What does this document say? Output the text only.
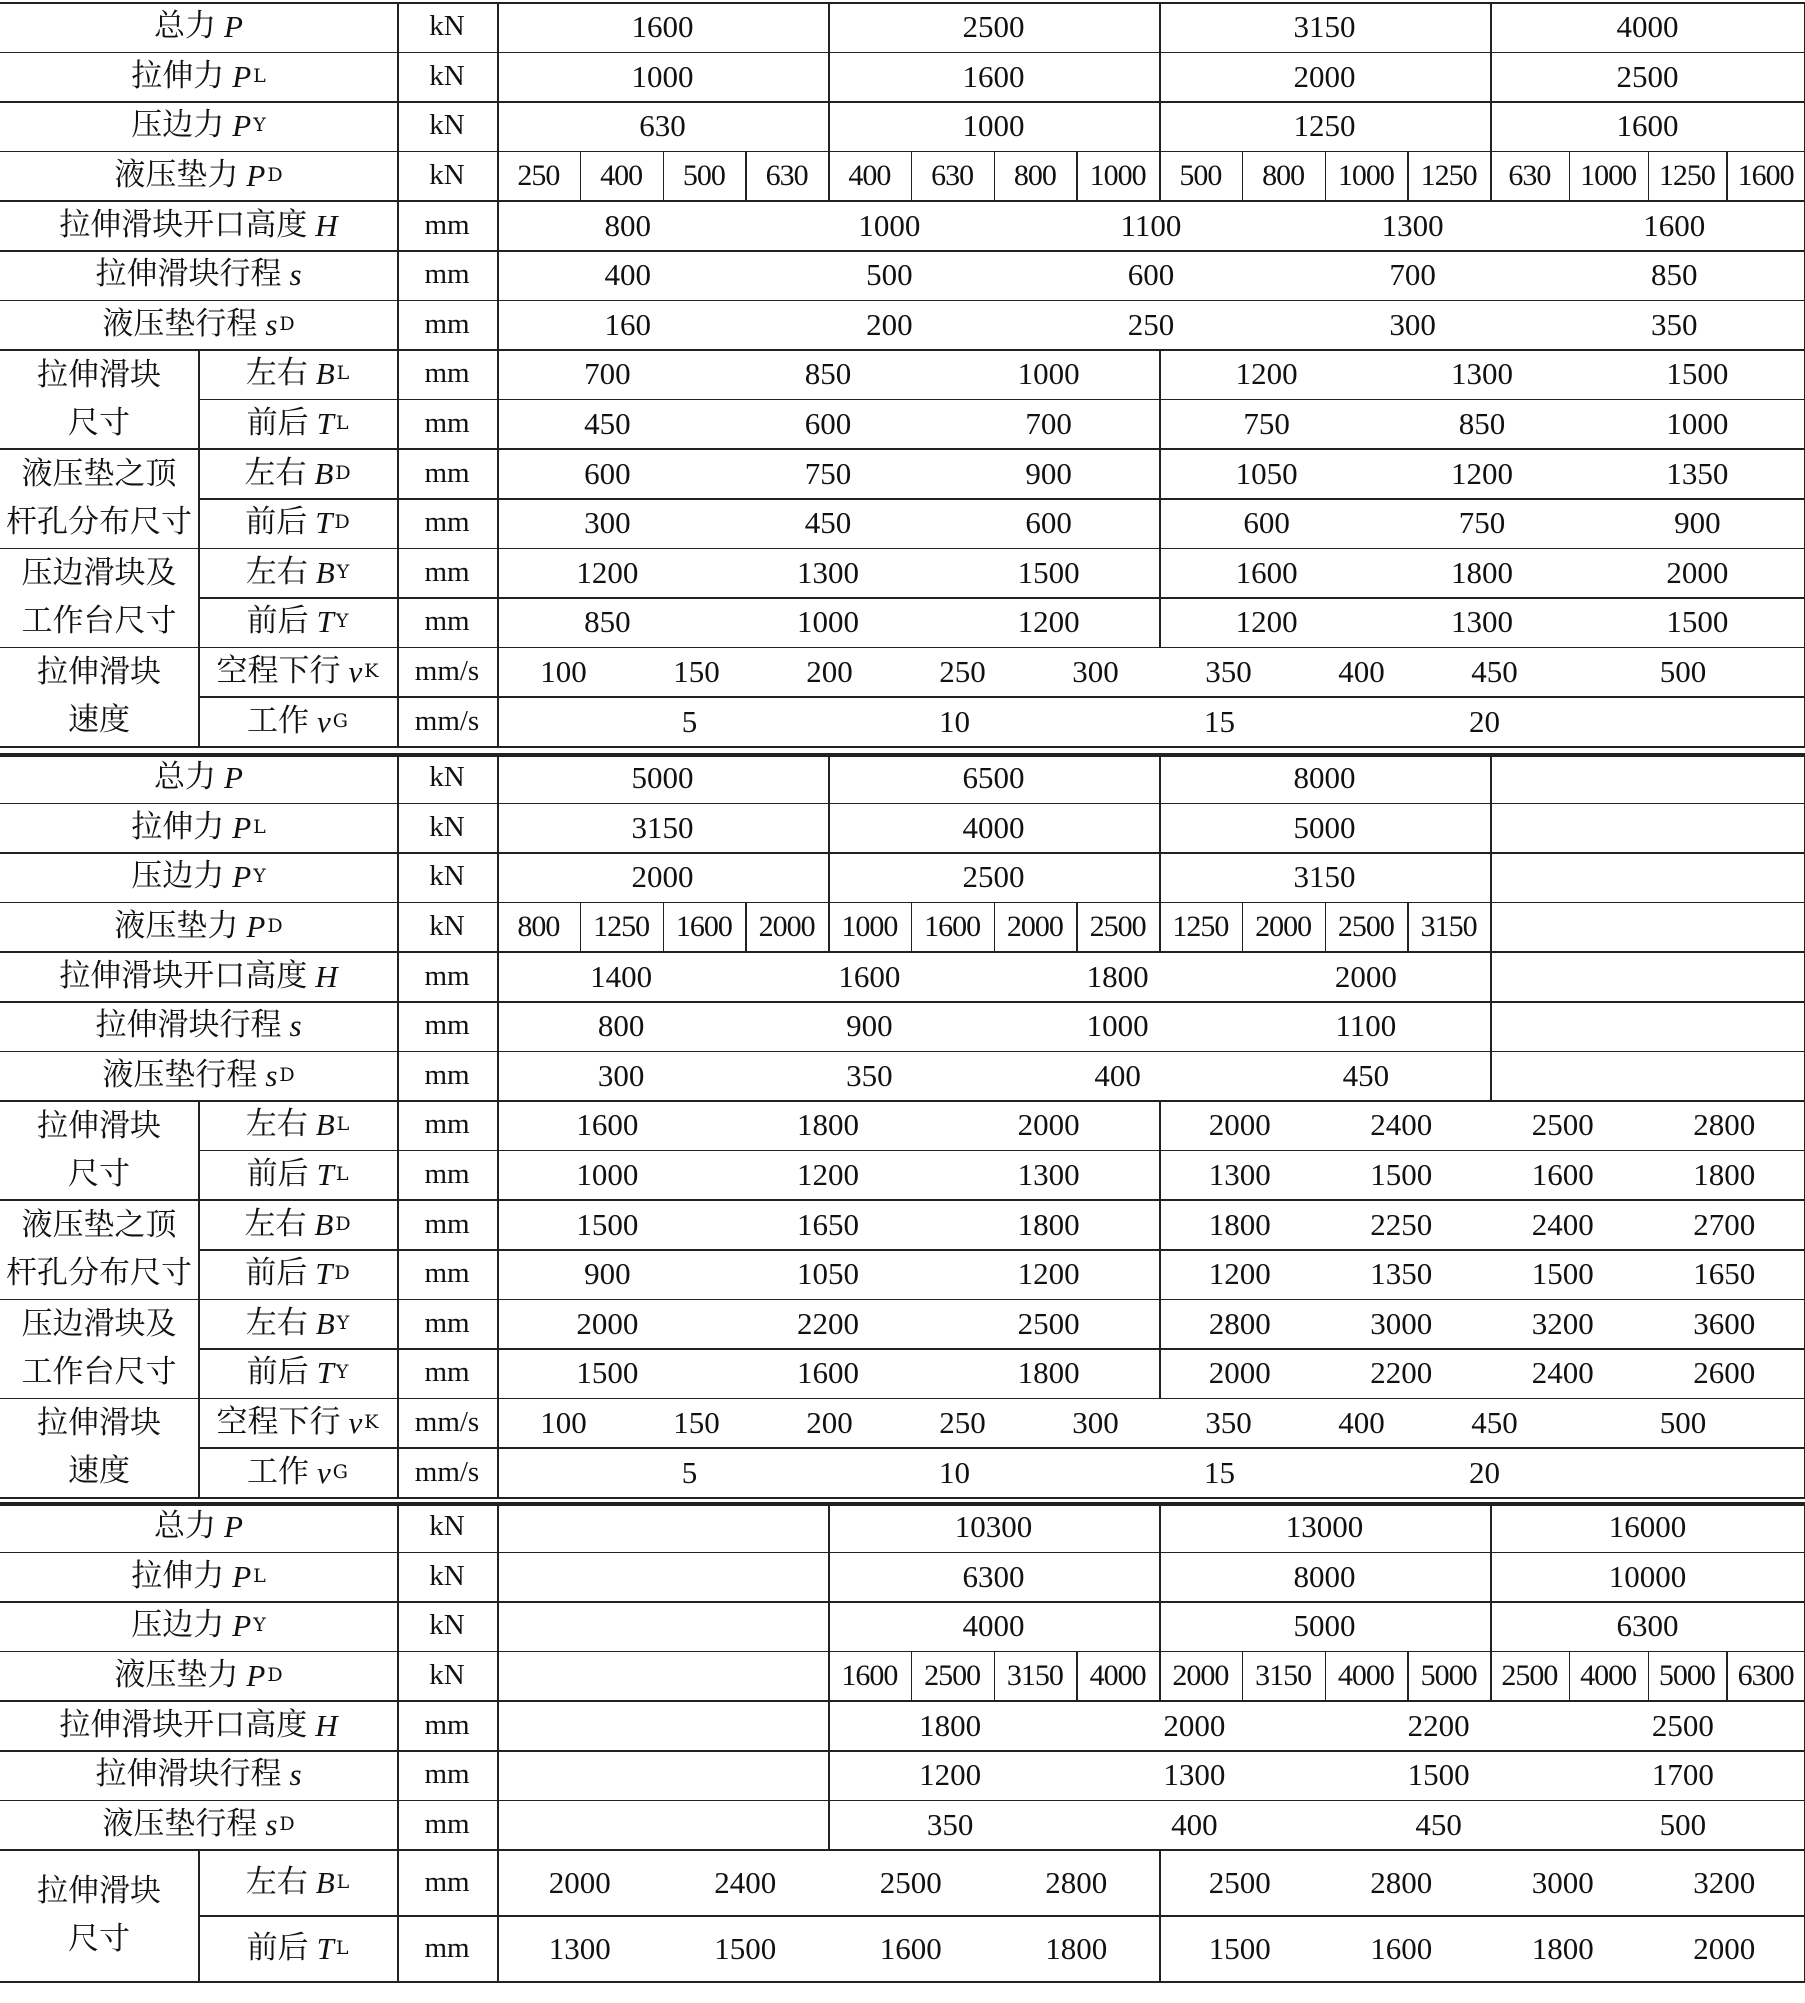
总力 P	kN	1600	2500	3150	4000
拉伸力 P L	kN	1000	1600	2000	2500
压边力 P Y	kN	630	1000	1250	1600
液压垫力 P D	kN	250	400	500	630	400	630	800	1000	500	800	1000 1250	630 1000 1250 1600
拉伸滑块开口高度 H	mm	800	1000	1100	1300	1600
拉伸滑块行程 s	mm	400	500	600	700	850
液压垫行程 s D	mm	160	200	250	300	350
拉伸滑块
尺寸
左右 B L	mm	700	850	1000	1200	1300	1500
前后 T L	mm	450	600	700	750	850	1000
液压垫之顶
杆孔分布尺寸
左右 B D	mm	600	750	900	1050	1200	1350
前后 T D	mm	300	450	600	600	750	900
压边滑块及
工作台尺寸
左右 B Y	mm	1200	1300	1500	1600	1800	2000
前后 T Y	mm	850	1000	1200	1200	1300	1500
拉伸滑块
速度
空程下行 v K	mm/s	100	150	200	250	300	350	400	450	500
工作 v G	mm/s	5	10	15	20
总力 P	kN	5000	6500	8000
拉伸力 P L	kN	3150	4000	5000
压边力 P Y	kN	2000	2500	3150
液压垫力 P D	kN	800	1250 1600 2000 1000 1600 2000 2500 1250 2000 2500 3150
拉伸滑块开口高度 H	mm	1400	1600	1800	2000
拉伸滑块行程 s	mm	800	900	1000	1100
液压垫行程 s D	mm	300	350	400	450
拉伸滑块
尺寸
左右 B L	mm	1600	1800	2000	2000	2400	2500	2800
前后 T L	mm	1000	1200	1300	1300	1500	1600	1800
液压垫之顶
杆孔分布尺寸
左右 B D	mm	1500	1650	1800	1800	2250	2400	2700
前后 T D	mm	900	1050	1200	1200	1350	1500	1650
压边滑块及
工作台尺寸
左右 B Y	mm	2000	2200	2500	2800	3000	3200	3600
前后 T Y	mm	1500	1600	1800	2000	2200	2400	2600
拉伸滑块
速度
空程下行 v K	mm/s	100	150	200	250	300	350	400	450	500
工作 v G	mm/s	5	10	15	20
总力 P	kN	10300	13000	16000
拉伸力 P L	kN	6300	8000	10000
压边力 P Y	kN	4000	5000	6300
液压垫力 P D	kN	1600 2500 3150 4000 2000 3150 4000 5000 2500 4000 5000 6300
拉伸滑块开口高度 H	mm	1800	2000	2200	2500
拉伸滑块行程 s	mm	1200	1300	1500	1700
液压垫行程 s D	mm	350	400	450	500
拉伸滑块
尺寸
左右 B L	mm	2000	2400	2500	2800	2500	2800	3000	3200
前后 T L	mm	1300	1500	1600	1800	1500	1600	1800	2000
